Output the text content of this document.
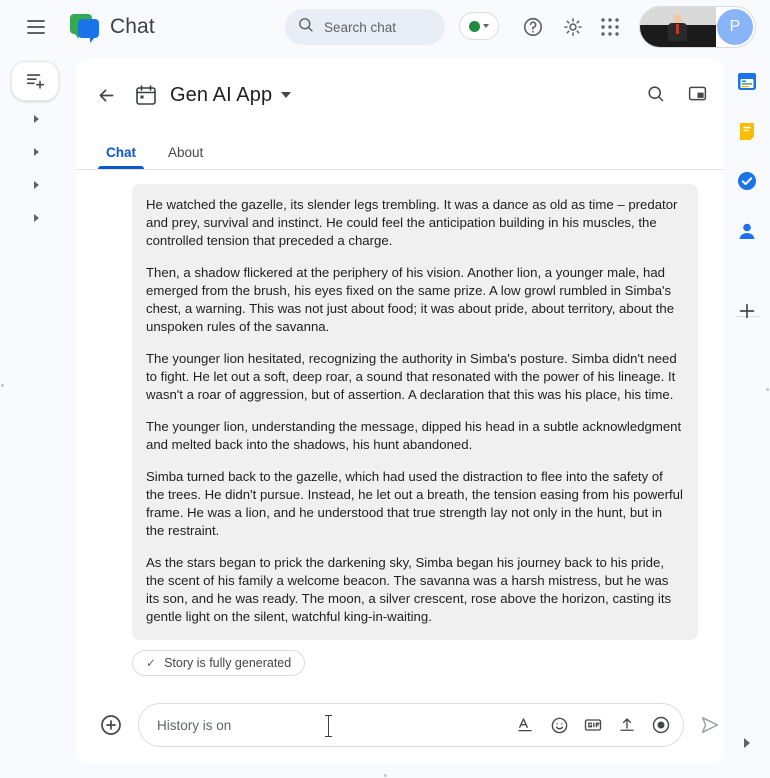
Chat
Search chat	P
Gen AI App
Chat	About

He watched the gazelle, its slender legs trembling. It was a dance as old as time – predator and prey, survival and instinct. He could feel the anticipation building in his muscles, the controlled tension that preceded a charge.

Then, a shadow flickered at the periphery of his vision. Another lion, a younger male, had emerged from the brush, his eyes fixed on the same prize. A low growl rumbled in Simba's chest, a warning. This was not just about food; it was about pride, about territory, about the unspoken rules of the savanna.

The younger lion hesitated, recognizing the authority in Simba's posture. Simba didn't need to fight. He let out a soft, deep roar, a sound that resonated with the power of his lineage. It wasn't a roar of aggression, but of assertion. A declaration that this was his place, his time.

The younger lion, understanding the message, dipped his head in a subtle acknowledgment and melted back into the shadows, his hunt abandoned.

Simba turned back to the gazelle, which had used the distraction to flee into the safety of the trees. He didn't pursue. Instead, he let out a breath, the tension easing from his powerful frame. He was a lion, and he understood that true strength lay not only in the hunt, but in the restraint.

As the stars began to prick the darkening sky, Simba began his journey back to his pride, the scent of his family a welcome beacon. The savanna was a harsh mistress, but he was its son, and he was ready. The moon, a silver crescent, rose above the horizon, casting its gentle light on the silent, watchful king-in-waiting.

✓ Story is fully generated
History is on
